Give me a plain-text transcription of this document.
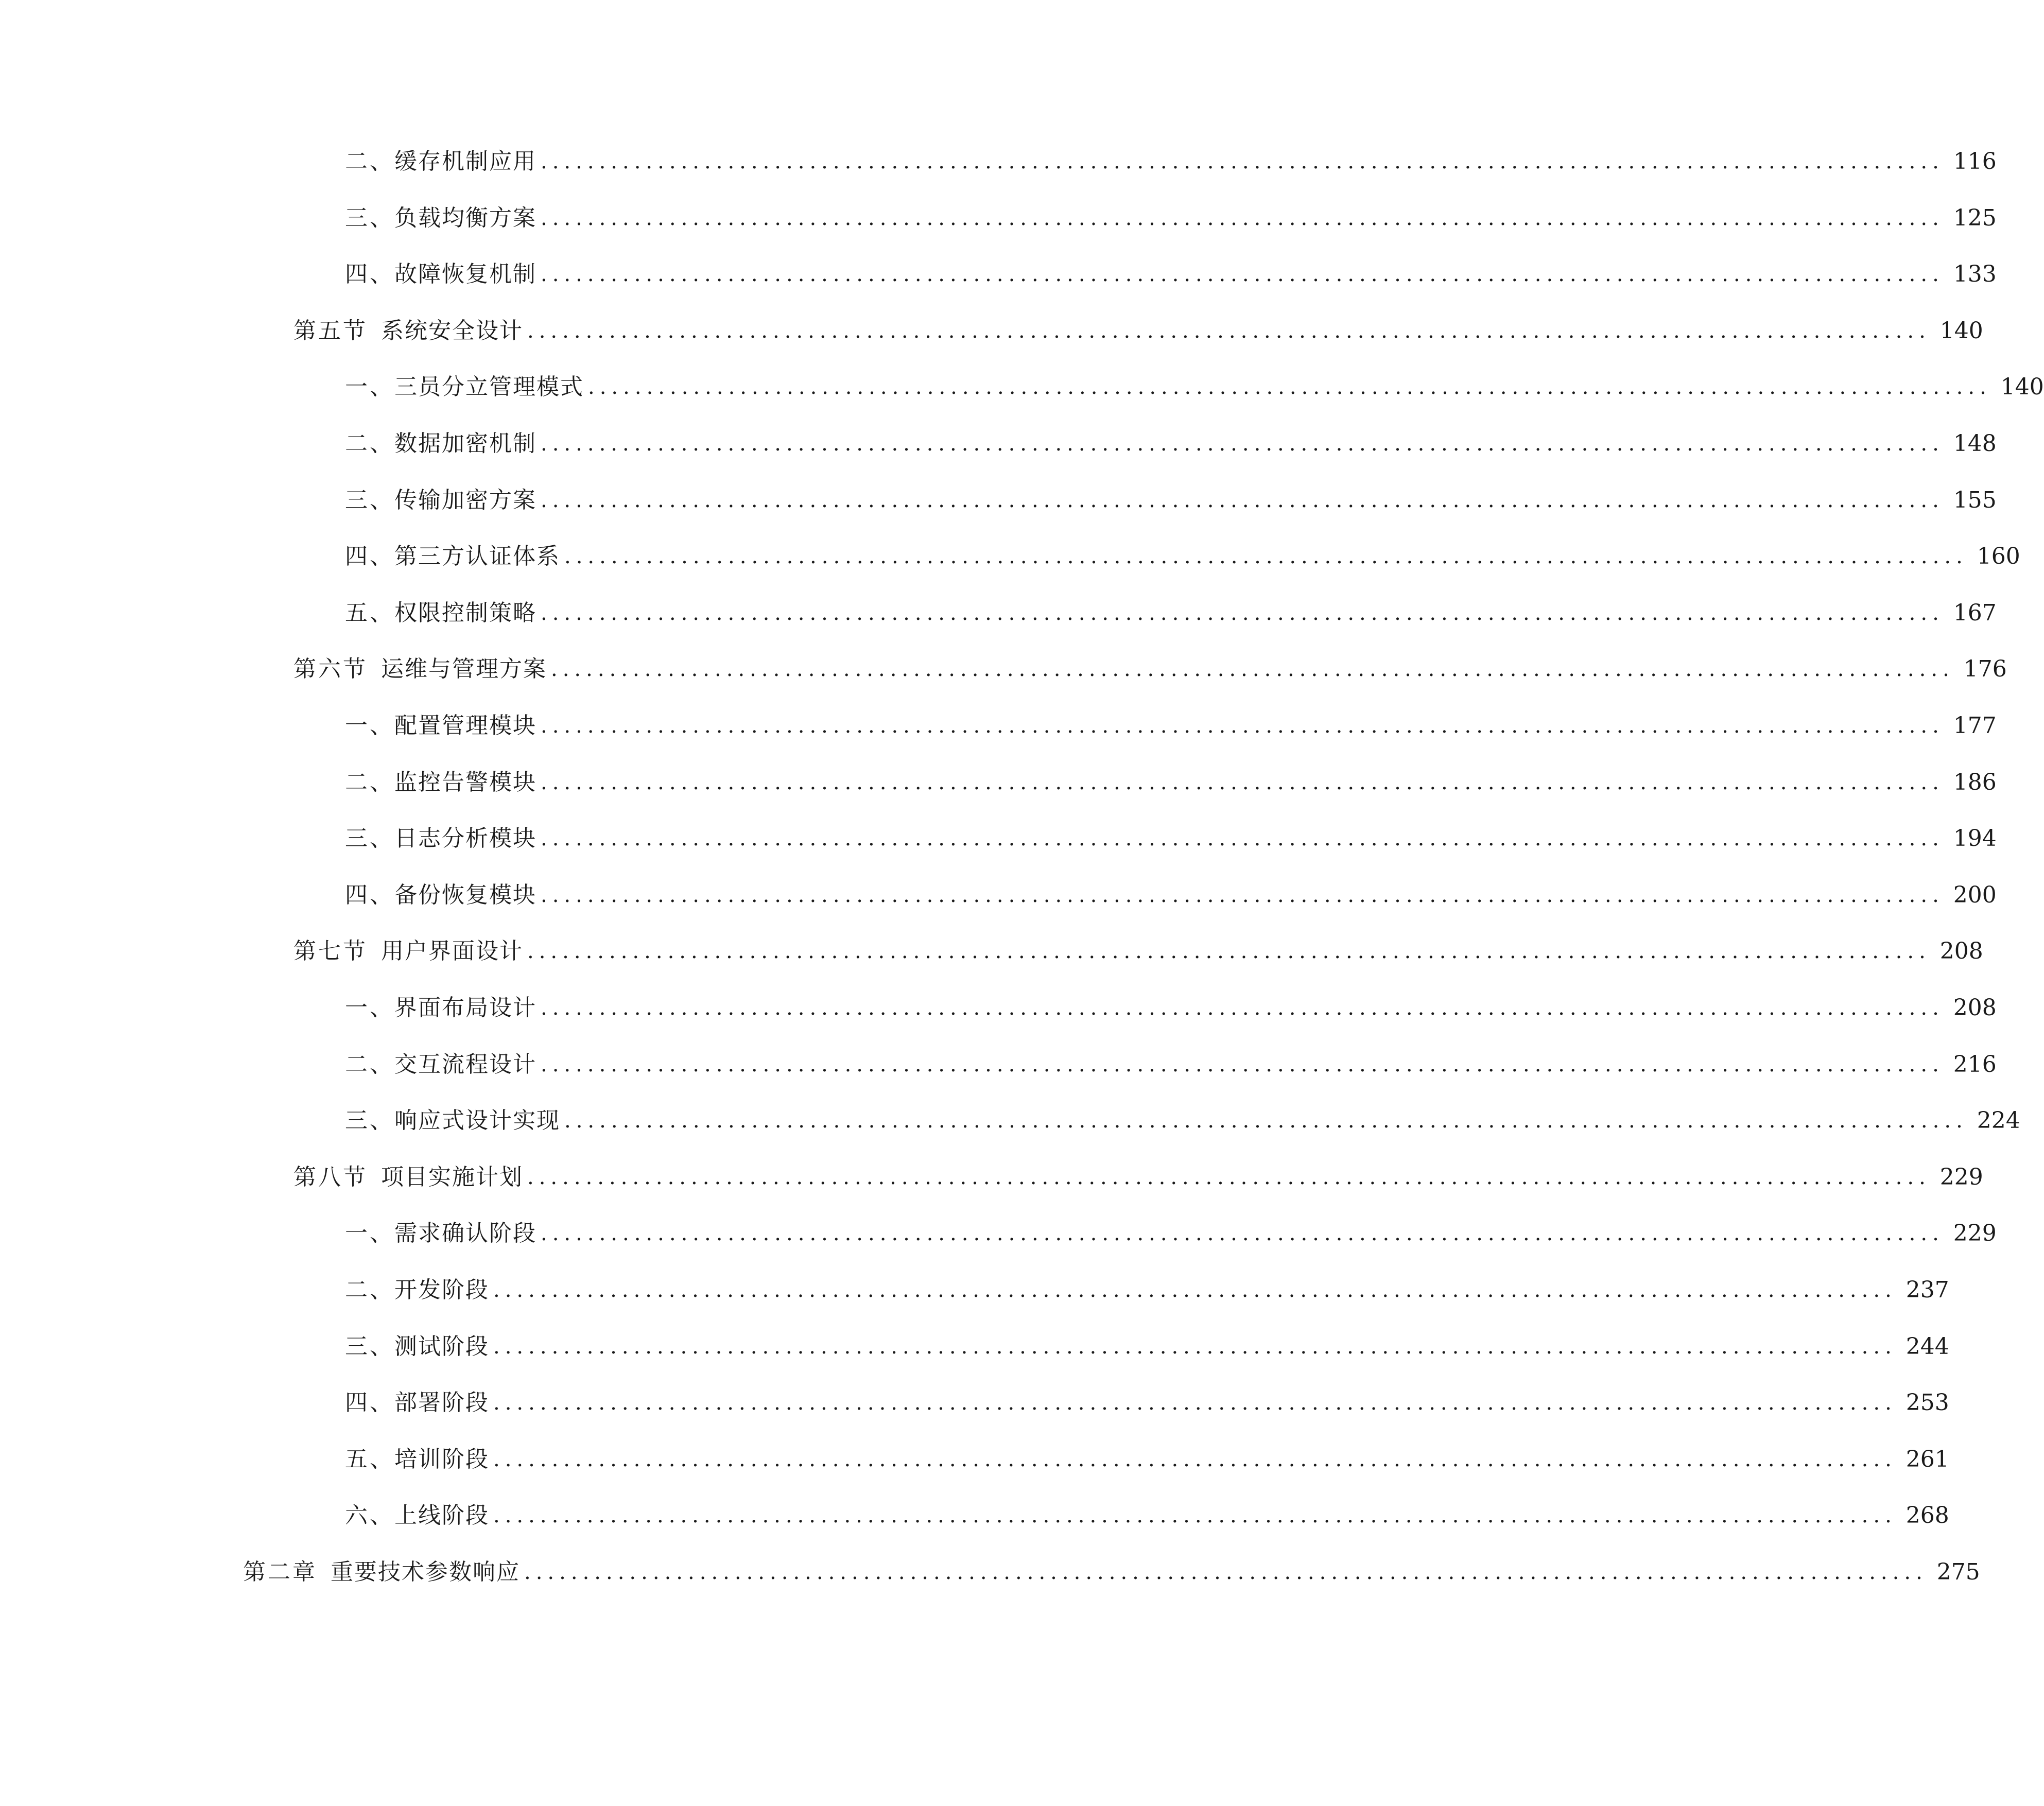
二、 缓存机制应用 ........................................................................................................................ 116
三、 负载均衡方案 ........................................................................................................................ 125
四、 故障恢复机制 ........................................................................................................................ 133
第五节 系统安全设计 ........................................................................................................................ 140
一、 三员分立管理模式 ........................................................................................................................ 140
二、 数据加密机制 ........................................................................................................................ 148
三、 传输加密方案 ........................................................................................................................ 155
四、 第三方认证体系 ........................................................................................................................ 160
五、 权限控制策略 ........................................................................................................................ 167
第六节 运维与管理方案 ........................................................................................................................ 176
一、 配置管理模块 ........................................................................................................................ 177
二、 监控告警模块 ........................................................................................................................ 186
三、 日志分析模块 ........................................................................................................................ 194
四、 备份恢复模块 ........................................................................................................................ 200
第七节 用户界面设计 ........................................................................................................................ 208
一、 界面布局设计 ........................................................................................................................ 208
二、 交互流程设计 ........................................................................................................................ 216
三、 响应式设计实现 ........................................................................................................................ 224
第八节 项目实施计划 ........................................................................................................................ 229
一、 需求确认阶段 ........................................................................................................................ 229
二、 开发阶段 ........................................................................................................................ 237
三、 测试阶段 ........................................................................................................................ 244
四、 部署阶段 ........................................................................................................................ 253
五、 培训阶段 ........................................................................................................................ 261
六、 上线阶段 ........................................................................................................................ 268
第二章 重要技术参数响应 ........................................................................................................................ 275
